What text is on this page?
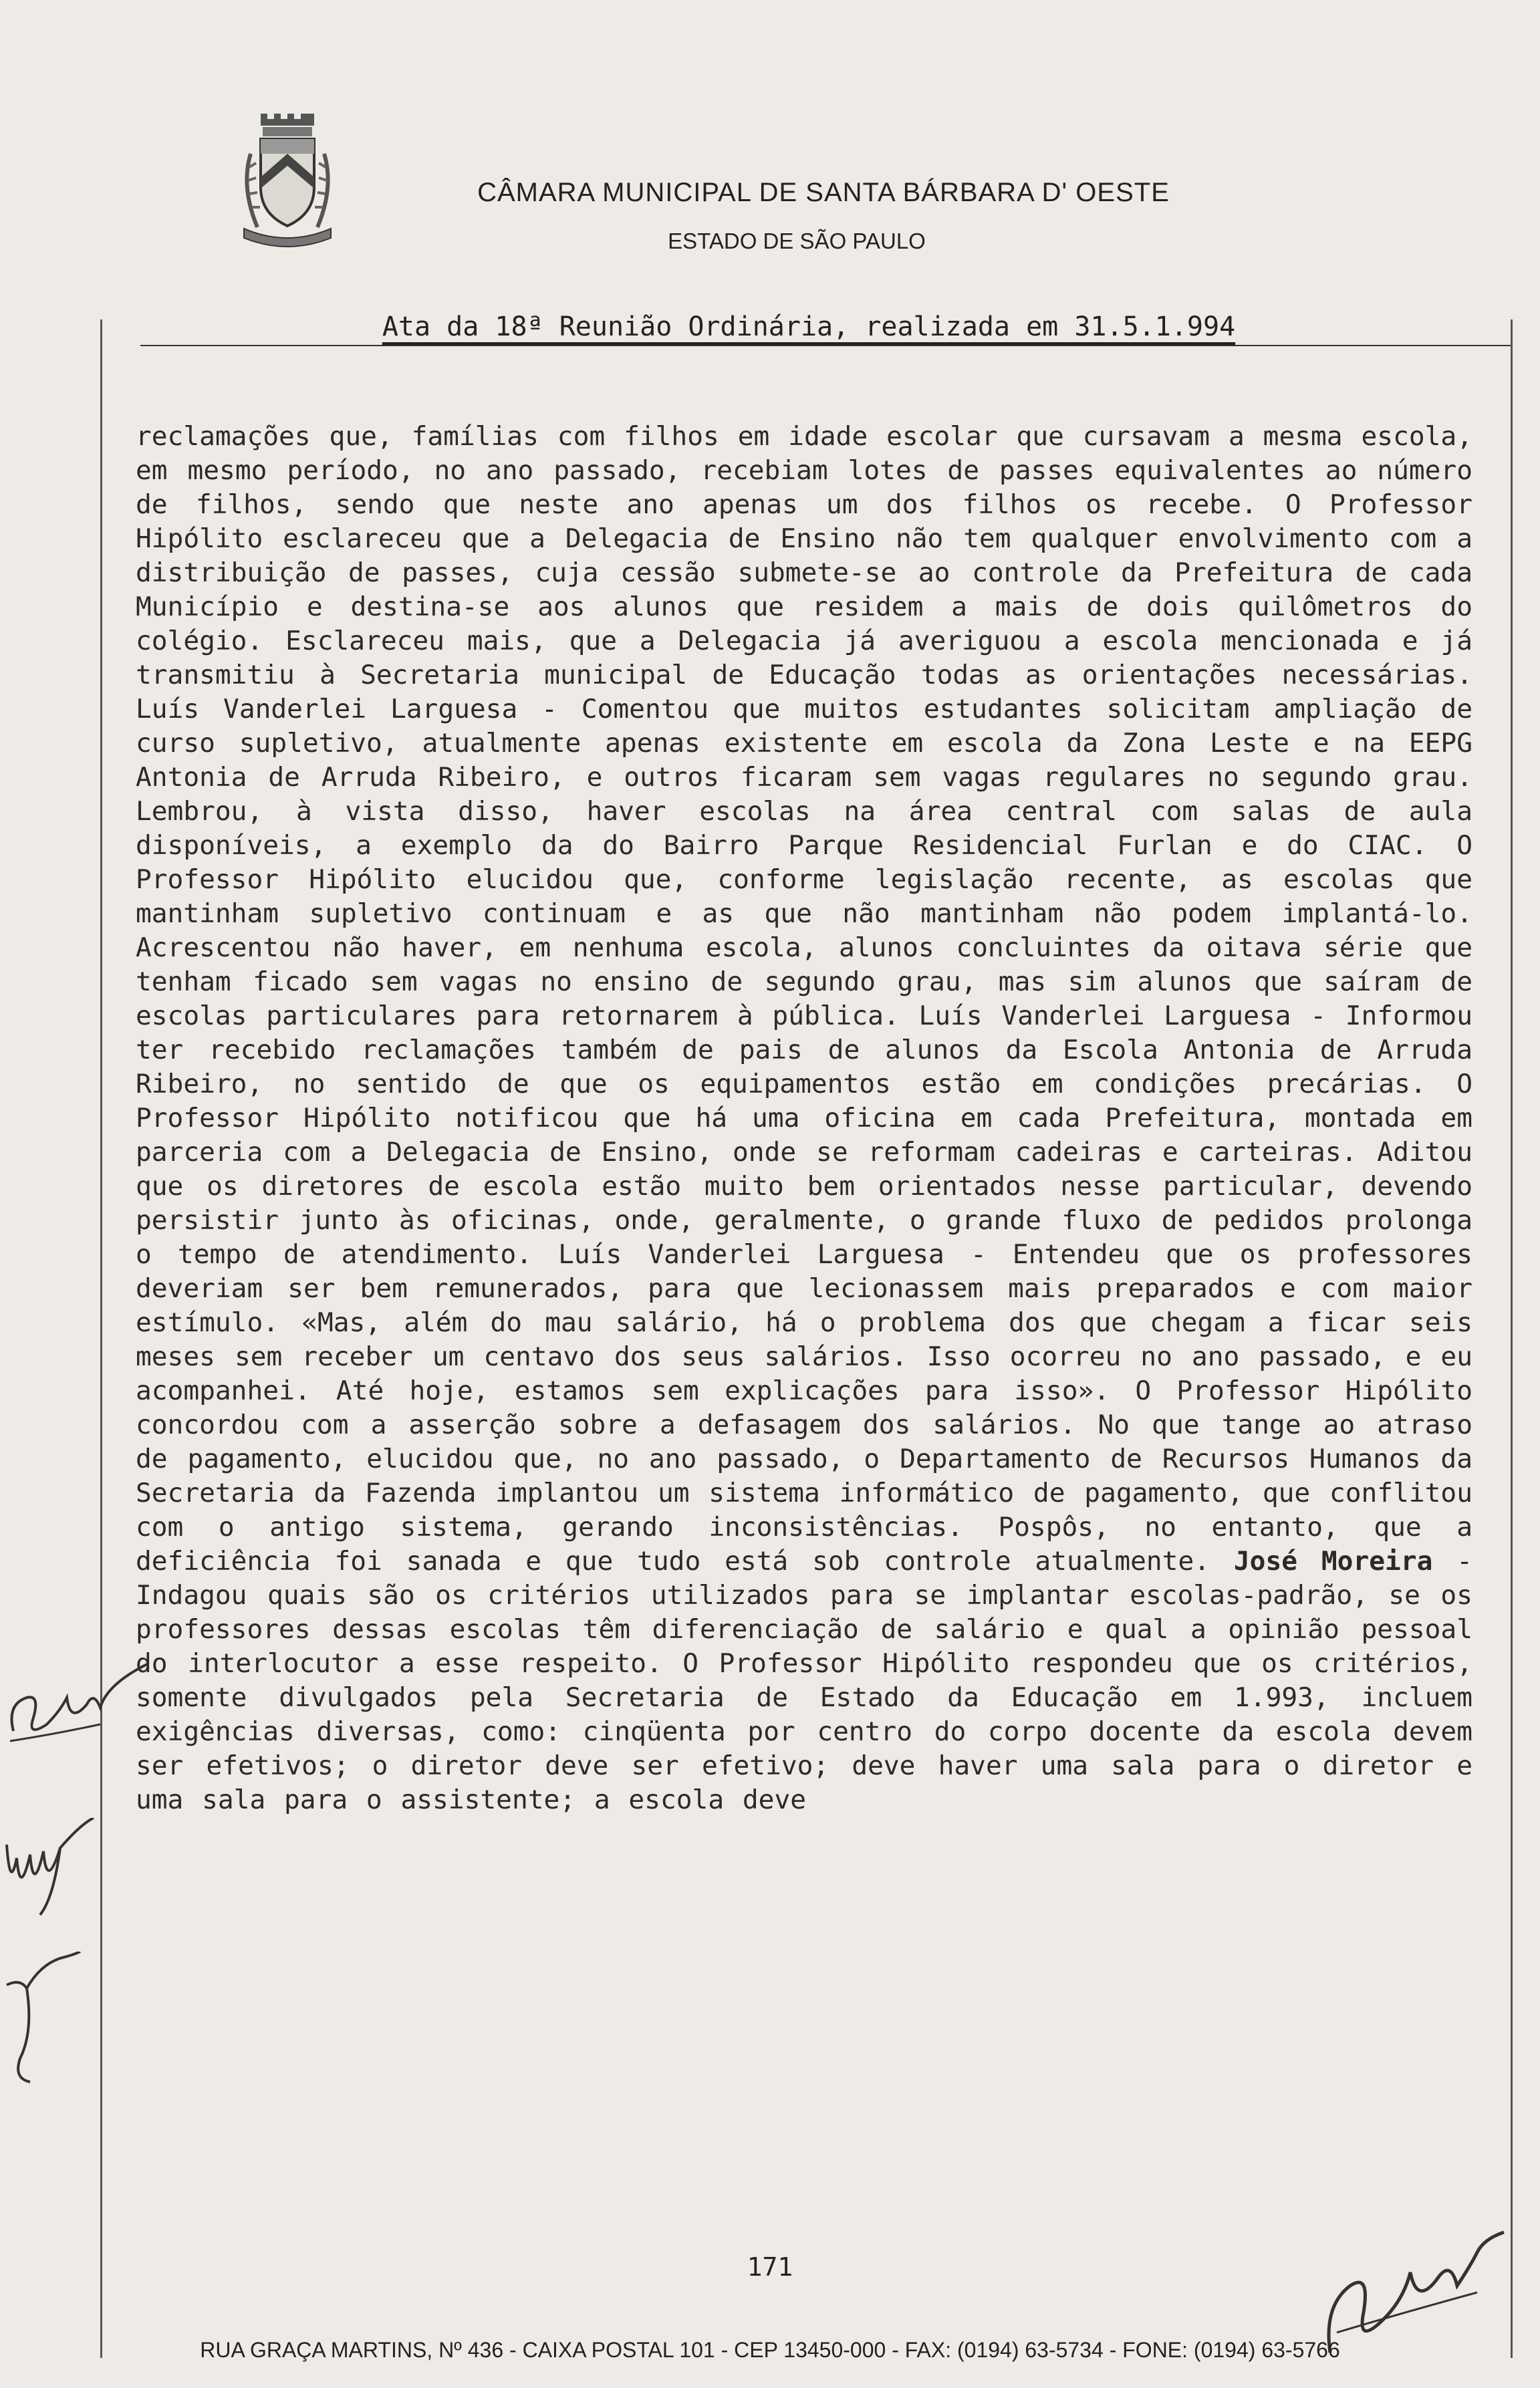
CÂMARA MUNICIPAL DE SANTA BÁRBARA D' OESTE
ESTADO DE SÃO PAULO
Ata da 18ª Reunião Ordinária, realizada em 31.5.1.994
reclamações que, famílias com filhos em idade escolar que cursavam a mesma escola, em mesmo período, no ano passado, recebiam lotes de passes equivalentes ao número de filhos, sendo que neste ano apenas um dos filhos os recebe. O Professor Hipólito esclareceu que a Delegacia de Ensino não tem qualquer envolvimento com a distribuição de passes, cuja cessão submete-se ao controle da Prefeitura de cada Município e destina-se aos alunos que residem a mais de dois quilômetros do colégio. Esclareceu mais, que a Delegacia já averiguou a escola mencionada e já transmitiu à Secretaria municipal de Educação todas as orientações necessárias. Luís Vanderlei Larguesa - Comentou que muitos estudantes solicitam ampliação de curso supletivo, atualmente apenas existente em escola da Zona Leste e na EEPG Antonia de Arruda Ribeiro, e outros ficaram sem vagas regulares no segundo grau. Lembrou, à vista disso, haver escolas na área central com salas de aula disponíveis, a exemplo da do Bairro Parque Residencial Furlan e do CIAC. O Professor Hipólito elucidou que, conforme legislação recente, as escolas que mantinham supletivo continuam e as que não mantinham não podem implantá-lo. Acrescentou não haver, em nenhuma escola, alunos concluintes da oitava série que tenham ficado sem vagas no ensino de segundo grau, mas sim alunos que saíram de escolas particulares para retornarem à pública. Luís Vanderlei Larguesa - Informou ter recebido reclamações também de pais de alunos da Escola Antonia de Arruda Ribeiro, no sentido de que os equipamentos estão em condições precárias. O Professor Hipólito notificou que há uma oficina em cada Prefeitura, montada em parceria com a Delegacia de Ensino, onde se reformam cadeiras e carteiras. Aditou que os diretores de escola estão muito bem orientados nesse particular, devendo persistir junto às oficinas, onde, geralmente, o grande fluxo de pedidos prolonga o tempo de atendimento. Luís Vanderlei Larguesa - Entendeu que os professores deveriam ser bem remunerados, para que lecionassem mais preparados e com maior estímulo. «Mas, além do mau salário, há o problema dos que chegam a ficar seis meses sem receber um centavo dos seus salários. Isso ocorreu no ano passado, e eu acompanhei. Até hoje, estamos sem explicações para isso». O Professor Hipólito concordou com a asserção sobre a defasagem dos salários. No que tange ao atraso de pagamento, elucidou que, no ano passado, o Departamento de Recursos Humanos da Secretaria da Fazenda implantou um sistema informático de pagamento, que conflitou com o antigo sistema, gerando inconsistências. Pospôs, no entanto, que a deficiência foi sanada e que tudo está sob controle atualmente. José Moreira - Indagou quais são os critérios utilizados para se implantar escolas-padrão, se os professores dessas escolas têm diferenciação de salário e qual a opinião pessoal do interlocutor a esse respeito. O Professor Hipólito respondeu que os critérios, somente divulgados pela Secretaria de Estado da Educação em 1.993, incluem exigências diversas, como: cinqüenta por centro do corpo docente da escola devem ser efetivos; o diretor deve ser efetivo; deve haver uma sala para o diretor e uma sala para o assistente; a escola deve
171
RUA GRAÇA MARTINS, Nº 436 - CAIXA POSTAL 101 - CEP 13450-000 - FAX: (0194) 63-5734 - FONE: (0194) 63-5766
